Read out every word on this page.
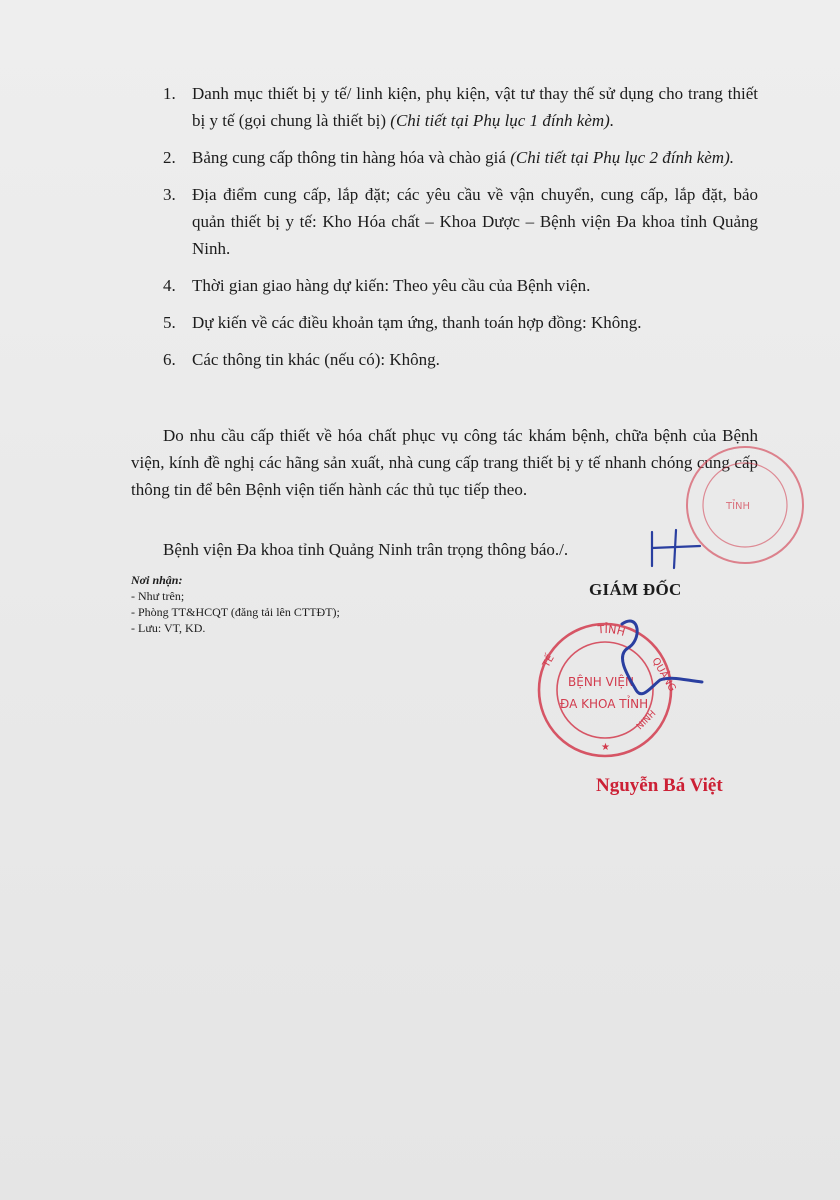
1. Danh mục thiết bị y tế/ linh kiện, phụ kiện, vật tư thay thế sử dụng cho trang thiết bị y tế (gọi chung là thiết bị) (Chi tiết tại Phụ lục 1 đính kèm).
2. Bảng cung cấp thông tin hàng hóa và chào giá (Chi tiết tại Phụ lục 2 đính kèm).
3. Địa điểm cung cấp, lắp đặt; các yêu cầu về vận chuyển, cung cấp, lắp đặt, bảo quản thiết bị y tế: Kho Hóa chất – Khoa Dược – Bệnh viện Đa khoa tỉnh Quảng Ninh.
4. Thời gian giao hàng dự kiến: Theo yêu cầu của Bệnh viện.
5. Dự kiến về các điều khoản tạm ứng, thanh toán hợp đồng: Không.
6. Các thông tin khác (nếu có): Không.

Do nhu cầu cấp thiết về hóa chất phục vụ công tác khám bệnh, chữa bệnh của Bệnh viện, kính đề nghị các hãng sản xuất, nhà cung cấp trang thiết bị y tế nhanh chóng cung cấp thông tin để bên Bệnh viện tiến hành các thủ tục tiếp theo.

Bệnh viện Đa khoa tỉnh Quảng Ninh trân trọng thông báo./.

Nơi nhận:
- Như trên;
- Phòng TT&HCQT (đăng tải lên CTTĐT);
- Lưu: VT, KD.
GIÁM ĐỐC
TỈNH
QUẢNG
TẾ
NINH
BỆNH VIỆN
ĐA KHOA TỈNH
★
TỈNH
Nguyễn Bá Việt
